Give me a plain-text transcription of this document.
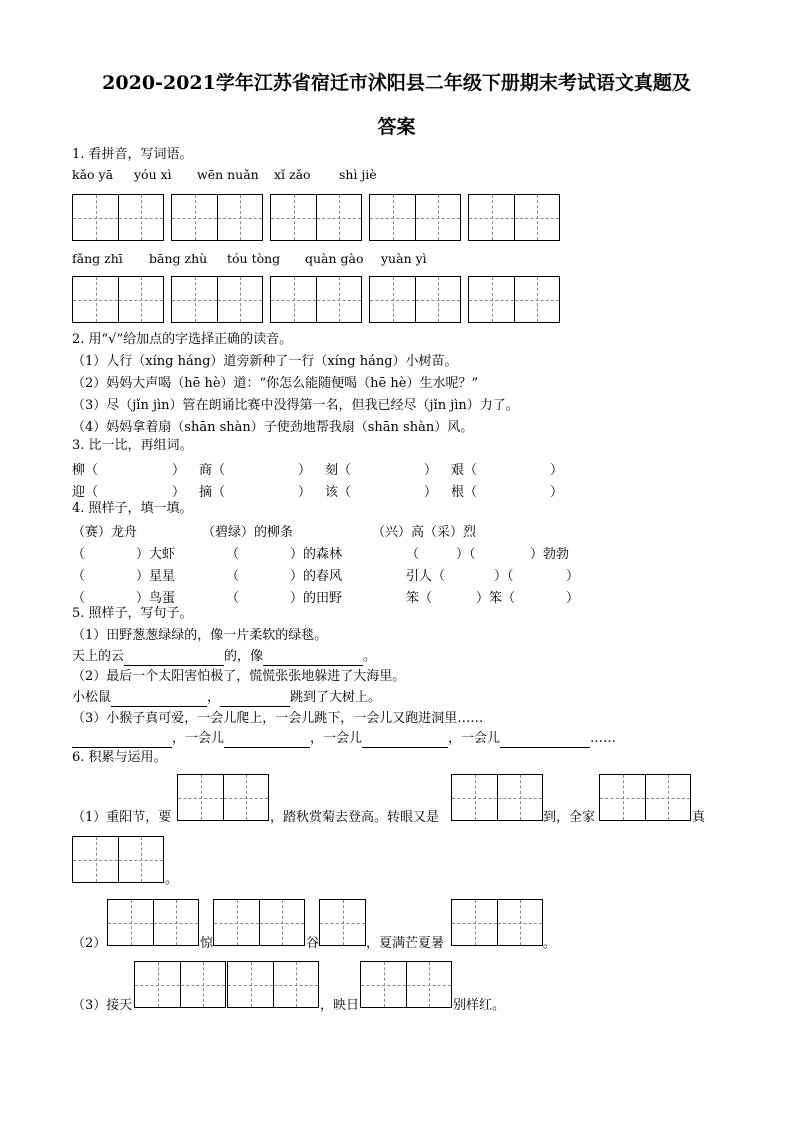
2020-2021学年江苏省宿迁市沭阳县二年级下册期末考试语文真题及
答案
1. 看拼音，写词语。
kǎo yā yóu xì wēn nuǎn xǐ zǎo shì jiè
fǎng zhī bāng zhù tóu tòng quàn gào yuàn yì
2. 用“√”给加点的字选择正确的读音。
（1）人行（xíng háng）道旁新种了一行（xíng háng）小树苗。
（2）妈妈大声喝（hē hè）道：“你怎么能随便喝（hē hè）生水呢？”
（3）尽（jǐn jìn）管在朗诵比赛中没得第一名，但我已经尽（jǐn jìn）力了。
（4）妈妈拿着扇（shān shàn）子使劲地帮我扇（shān shàn）风。
3. 比一比，再组词。
柳（	） 商（	） 刻（	） 艰（	）
迎（	） 摘（	） 该（	） 根（	）
4. 照样子，填一填。
（赛）龙舟	（碧绿）的柳条	（兴）高（采）烈
（	）大虾	（	）的森林	（	）（	）勃勃
（	）星星	（	）的春风	引人（	）（	）
（	）鸟蛋	（	）的田野	笨（	）笨（	）
5. 照样子，写句子。
（1）田野葱葱绿绿的，像一片柔软的绿毯。
天上的云	的，像	。
（2）最后一个太阳害怕极了，慌慌张张地躲进了大海里。
小松鼠	，	跳到了大树上。
（3）小猴子真可爱，一会儿爬上，一会儿跳下，一会儿又跑进洞里……
，一会儿	，一会儿	，一会儿	……
6. 积累与运用。
（1）重阳节，要	，踏秋赏菊去登高。转眼又是	到，全家	真
。
（2）	惊	谷	，夏满芒夏暑	。
（3）接天	，映日	别样红。
